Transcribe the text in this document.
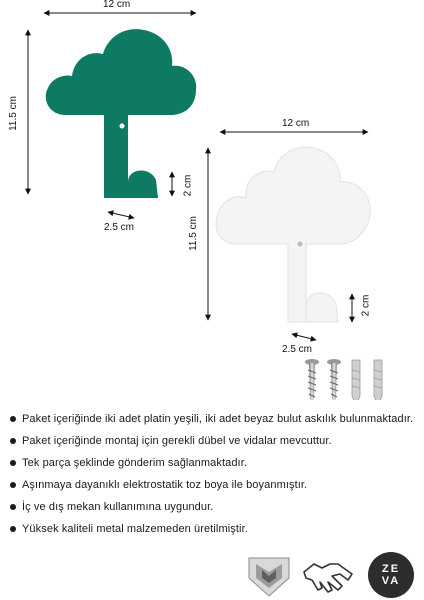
12 cm
11.5 cm
2 cm
2.5 cm
12 cm
11.5 cm
2 cm
2.5 cm
Paket içeriğinde iki adet platin yeşili, iki adet beyaz bulut askılık bulunmaktadır.
Paket içeriğinde montaj için gerekli dübel ve vidalar mevcuttur.
Tek parça şeklinde gönderim sağlanmaktadır.
Aşınmaya dayanıklı elektrostatik toz boya ile boyanmıştır.
İç ve dış mekan kullanımına uygundur.
Yüksek kaliteli metal malzemeden üretilmiştir.
ZEVA
